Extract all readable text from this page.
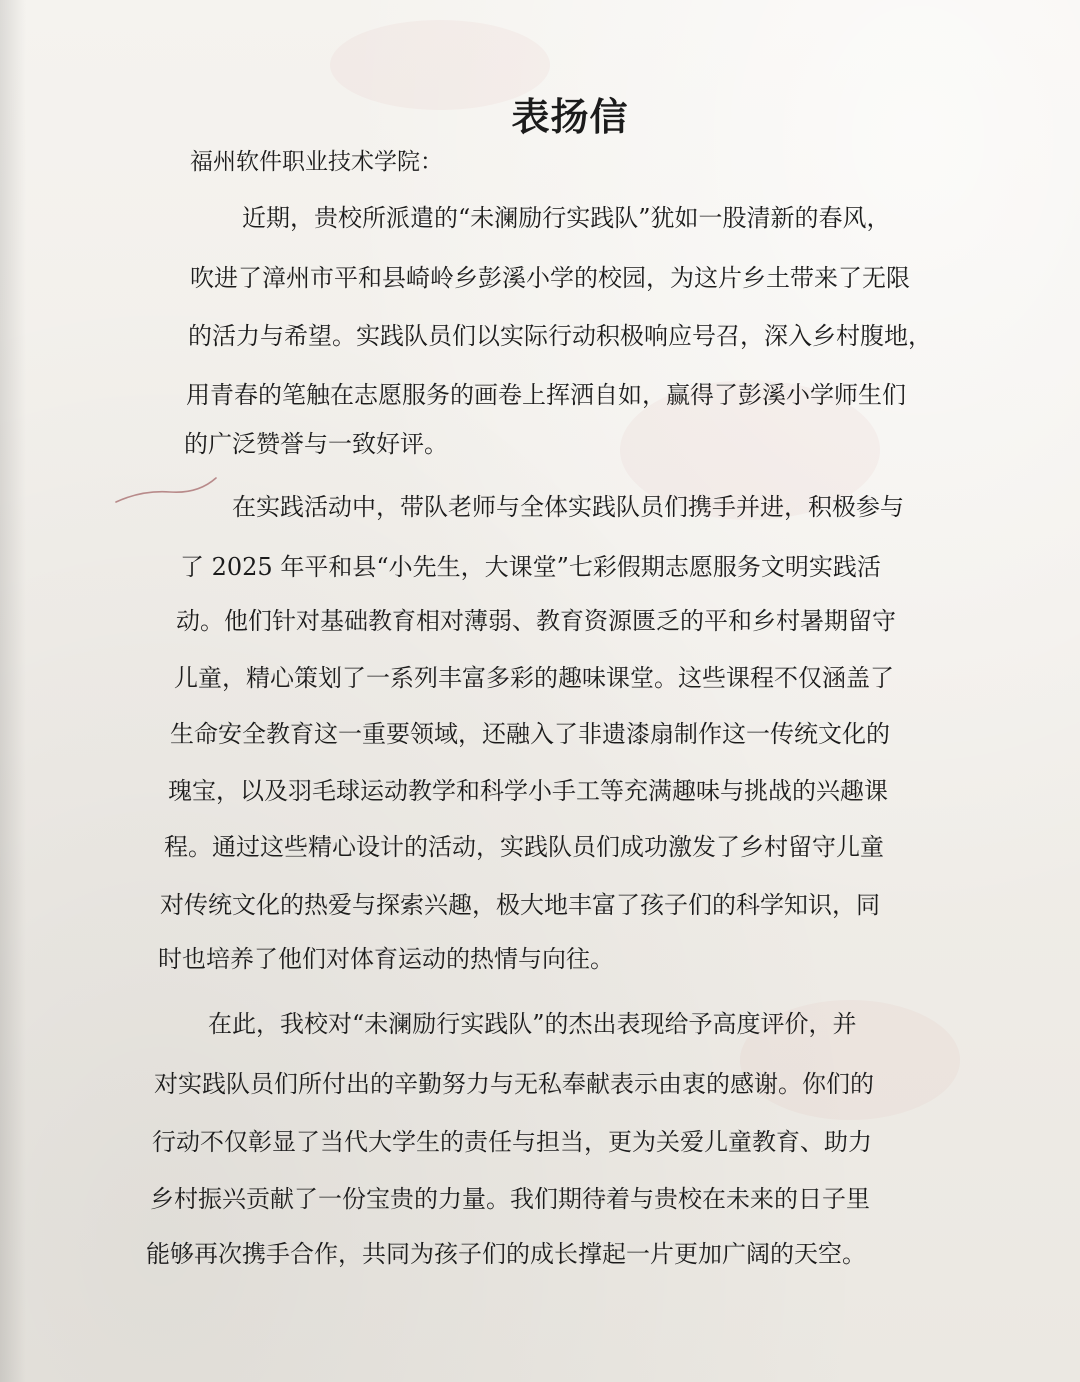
表扬信

福州软件职业技术学院：

近期，贵校所派遣的“未澜励行实践队”犹如一股清新的春风，

吹进了漳州市平和县崎岭乡彭溪小学的校园，为这片乡土带来了无限

的活力与希望。实践队员们以实际行动积极响应号召，深入乡村腹地，

用青春的笔触在志愿服务的画卷上挥洒自如，赢得了彭溪小学师生们

的广泛赞誉与一致好评。

在实践活动中，带队老师与全体实践队员们携手并进，积极参与

了 2025 年平和县“小先生，大课堂”七彩假期志愿服务文明实践活

动。他们针对基础教育相对薄弱、教育资源匮乏的平和乡村暑期留守

儿童，精心策划了一系列丰富多彩的趣味课堂。这些课程不仅涵盖了

生命安全教育这一重要领域，还融入了非遗漆扇制作这一传统文化的

瑰宝，以及羽毛球运动教学和科学小手工等充满趣味与挑战的兴趣课

程。通过这些精心设计的活动，实践队员们成功激发了乡村留守儿童

对传统文化的热爱与探索兴趣，极大地丰富了孩子们的科学知识，同

时也培养了他们对体育运动的热情与向往。

在此，我校对“未澜励行实践队”的杰出表现给予高度评价，并

对实践队员们所付出的辛勤努力与无私奉献表示由衷的感谢。你们的

行动不仅彰显了当代大学生的责任与担当，更为关爱儿童教育、助力

乡村振兴贡献了一份宝贵的力量。我们期待着与贵校在未来的日子里

能够再次携手合作，共同为孩子们的成长撑起一片更加广阔的天空。
